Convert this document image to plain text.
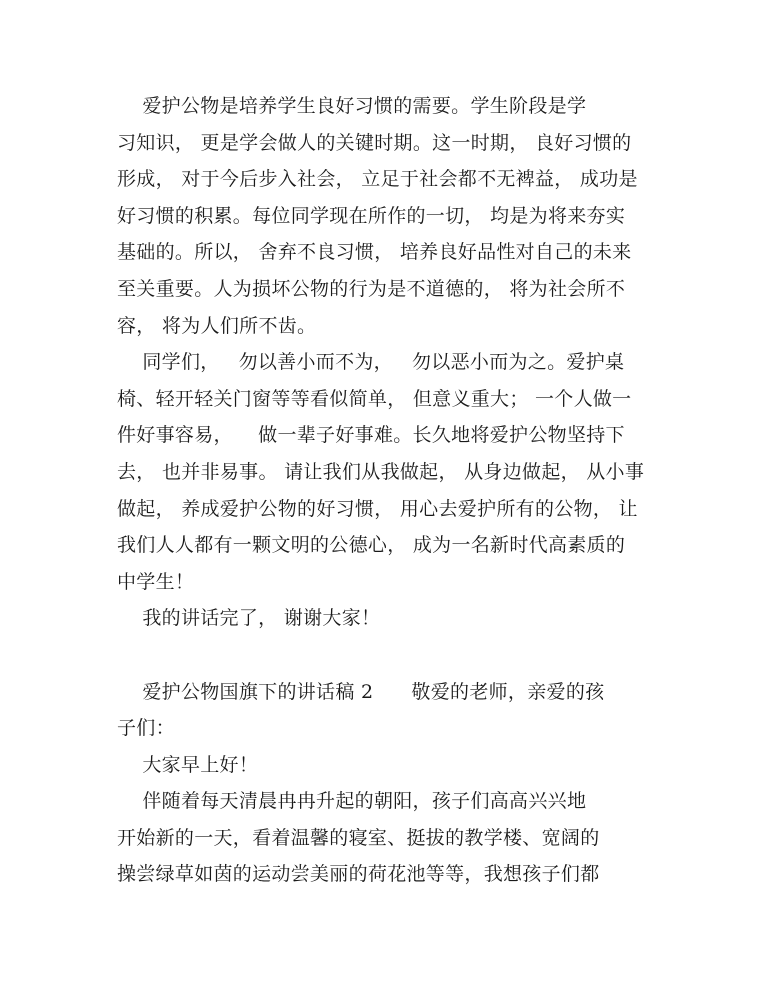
爱护公物是培养学生良好习惯的需要。学生阶段是学
习知识， 更是学会做人的关键时期。这一时期， 良好习惯的
形成， 对于今后步入社会， 立足于社会都不无裨益， 成功是
好习惯的积累。每位同学现在所作的一切， 均是为将来夯实
基础的。所以， 舍弃不良习惯， 培养良好品性对自己的未来
至关重要。人为损坏公物的行为是不道德的， 将为社会所不
容， 将为人们所不齿。
同学们，   勿以善小而不为，   勿以恶小而为之。爱护桌
椅、轻开轻关门窗等等看似简单， 但意义重大； 一个人做一
件好事容易，    做一辈子好事难。长久地将爱护公物坚持下
去， 也并非易事。 请让我们从我做起， 从身边做起， 从小事
做起， 养成爱护公物的好习惯， 用心去爱护所有的公物， 让
我们人人都有一颗文明的公德心， 成为一名新时代高素质的
中学生！
我的讲话完了， 谢谢大家！
爱护公物国旗下的讲话稿 2      敬爱的老师，亲爱的孩
子们：
大家早上好！
伴随着每天清晨冉冉升起的朝阳，孩子们高高兴兴地
开始新的一天，看着温馨的寝室、挺拔的教学楼、宽阔的
操尝绿草如茵的运动尝美丽的荷花池等等，我想孩子们都
